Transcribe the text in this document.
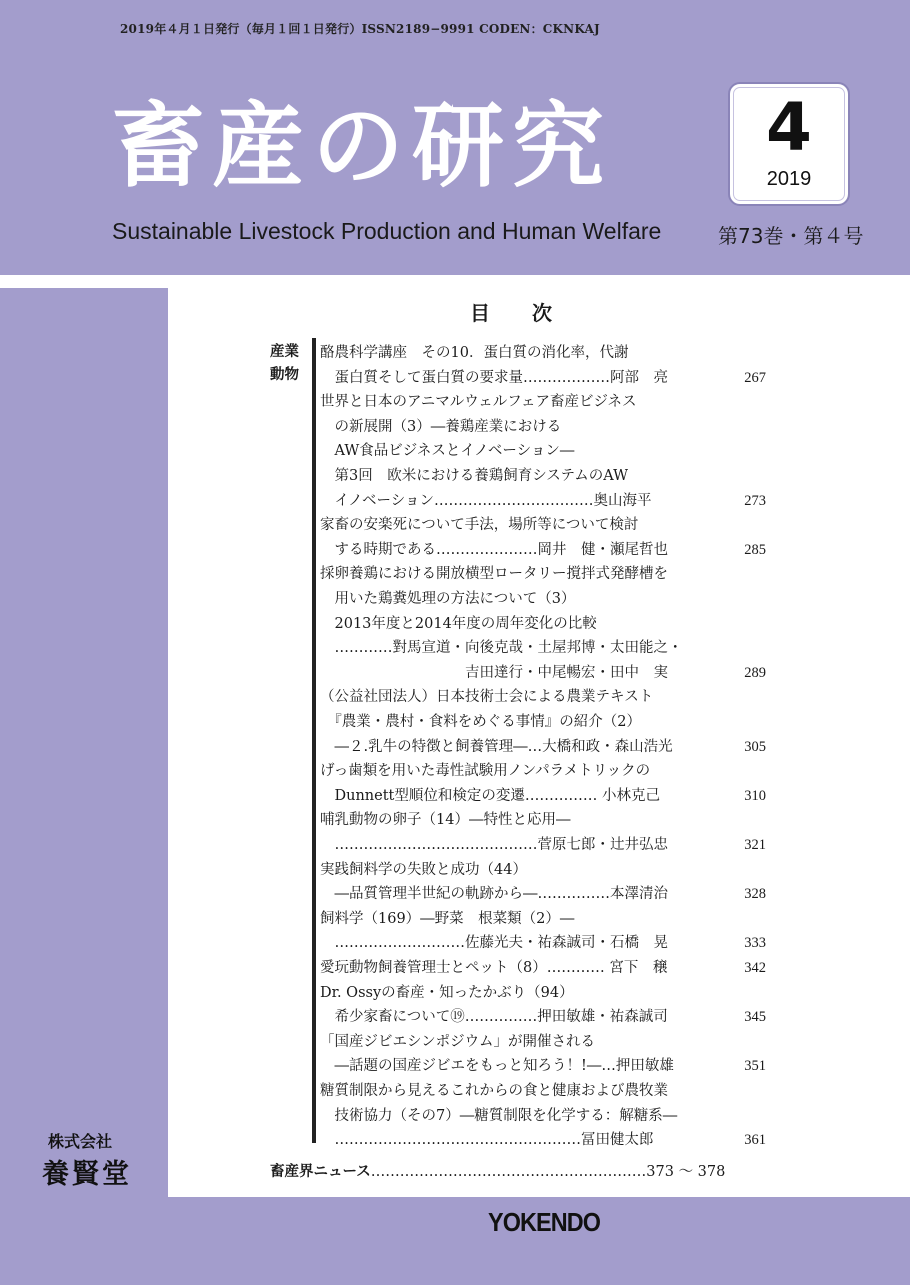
2019年４月１日発行（毎月１回１日発行）ISSN2189−9991 CODEN：CKNKAJ
畜産の研究
Sustainable Livestock Production and Human Welfare
4
2019
第73巻・第４号
株式会社
養賢堂
目次
産業動物
酪農科学講座　その10．蛋白質の消化率，代謝
　蛋白質そして蛋白質の要求量………………阿部　亮
世界と日本のアニマルウェルフェア畜産ビジネス
　の新展開（3）―養鶏産業における
　AW食品ビジネスとイノベーション―
　第3回　欧米における養鶏飼育システムのAW
　イノベーション……………………………奥山海平
家畜の安楽死について手法，場所等について検討
　する時期である…………………岡井　健・瀬尾哲也
採卵養鶏における開放横型ロータリー撹拌式発酵槽を
　用いた鶏糞処理の方法について（3）
　2013年度と2014年度の周年変化の比較
　…………對馬宣道・向後克哉・土屋邦博・太田能之・
　　　　　　　　　　吉田達行・中尾暢宏・田中　実
（公益社団法人）日本技術士会による農業テキスト
　『農業・農村・食料をめぐる事情』の紹介（2）
　―２.乳牛の特徴と飼養管理―…大橋和政・森山浩光
げっ歯類を用いた毒性試験用ノンパラメトリックの
　Dunnett型順位和検定の変遷…………… 小林克己
哺乳動物の卵子（14）―特性と応用―
　……………………………………菅原七郎・辻井弘忠
実践飼料学の失敗と成功（44）
　―品質管理半世紀の軌跡から―……………本澤清治
飼料学（169）―野菜　根菜類（2）―
　………………………佐藤光夫・祐森誠司・石橋　晃
愛玩動物飼養管理士とペット（8）………… 宮下　穣
Dr. Ossyの畜産・知ったかぶり（94）
　希少家畜について⑲……………押田敏雄・祐森誠司
「国産ジビエシンポジウム」が開催される
　―話題の国産ジビエをもっと知ろう！!―…押田敏雄
糖質制限から見えるこれからの食と健康および農牧業
　技術協力（その7）―糖質制限を化学する：解糖系―
　……………………………………………冨田健太郎
267
273
285
289
305
310
321
328
333
342
345
351
361
畜産界ニュース…………………………………………………373 ～ 378
YOKENDO
